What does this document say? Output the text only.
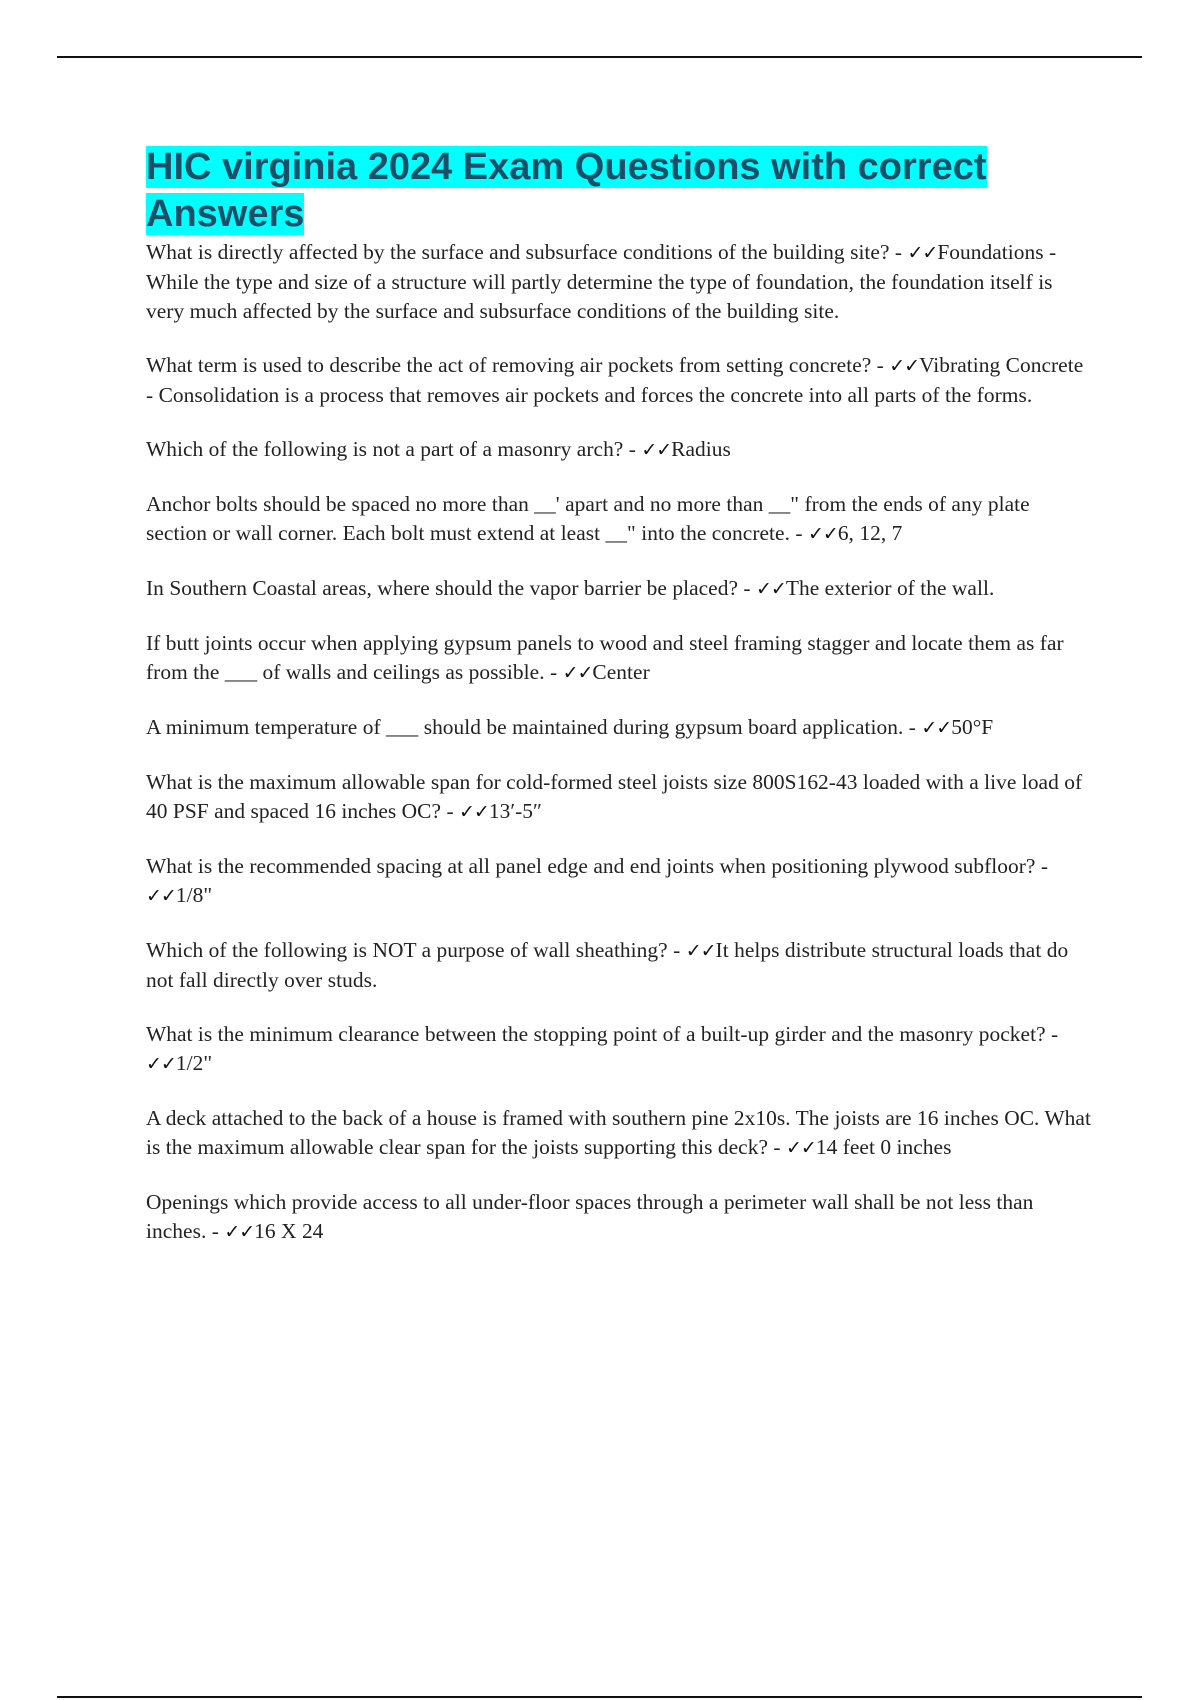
HIC virginia 2024 Exam Questions with correct Answers

What is directly affected by the surface and subsurface conditions of the building site? - ✓✓Foundations - While the type and size of a structure will partly determine the type of foundation, the foundation itself is very much affected by the surface and subsurface conditions of the building site.

What term is used to describe the act of removing air pockets from setting concrete? - ✓✓Vibrating Concrete - Consolidation is a process that removes air pockets and forces the concrete into all parts of the forms.

Which of the following is not a part of a masonry arch? - ✓✓Radius

Anchor bolts should be spaced no more than __' apart and no more than __" from the ends of any plate section or wall corner. Each bolt must extend at least __" into the concrete. - ✓✓6, 12, 7

In Southern Coastal areas, where should the vapor barrier be placed? - ✓✓The exterior of the wall.

If butt joints occur when applying gypsum panels to wood and steel framing stagger and locate them as far from the ___ of walls and ceilings as possible. - ✓✓Center

A minimum temperature of ___ should be maintained during gypsum board application. - ✓✓50°F

What is the maximum allowable span for cold-formed steel joists size 800S162-43 loaded with a live load of 40 PSF and spaced 16 inches OC? - ✓✓13′-5″

What is the recommended spacing at all panel edge and end joints when positioning plywood subfloor? - ✓✓1/8"

Which of the following is NOT a purpose of wall sheathing? - ✓✓It helps distribute structural loads that do not fall directly over studs.

What is the minimum clearance between the stopping point of a built-up girder and the masonry pocket? - ✓✓1/2"

A deck attached to the back of a house is framed with southern pine 2x10s. The joists are 16 inches OC. What is the maximum allowable clear span for the joists supporting this deck? - ✓✓14 feet 0 inches

Openings which provide access to all under-floor spaces through a perimeter wall shall be not less than inches. - ✓✓16 X 24
